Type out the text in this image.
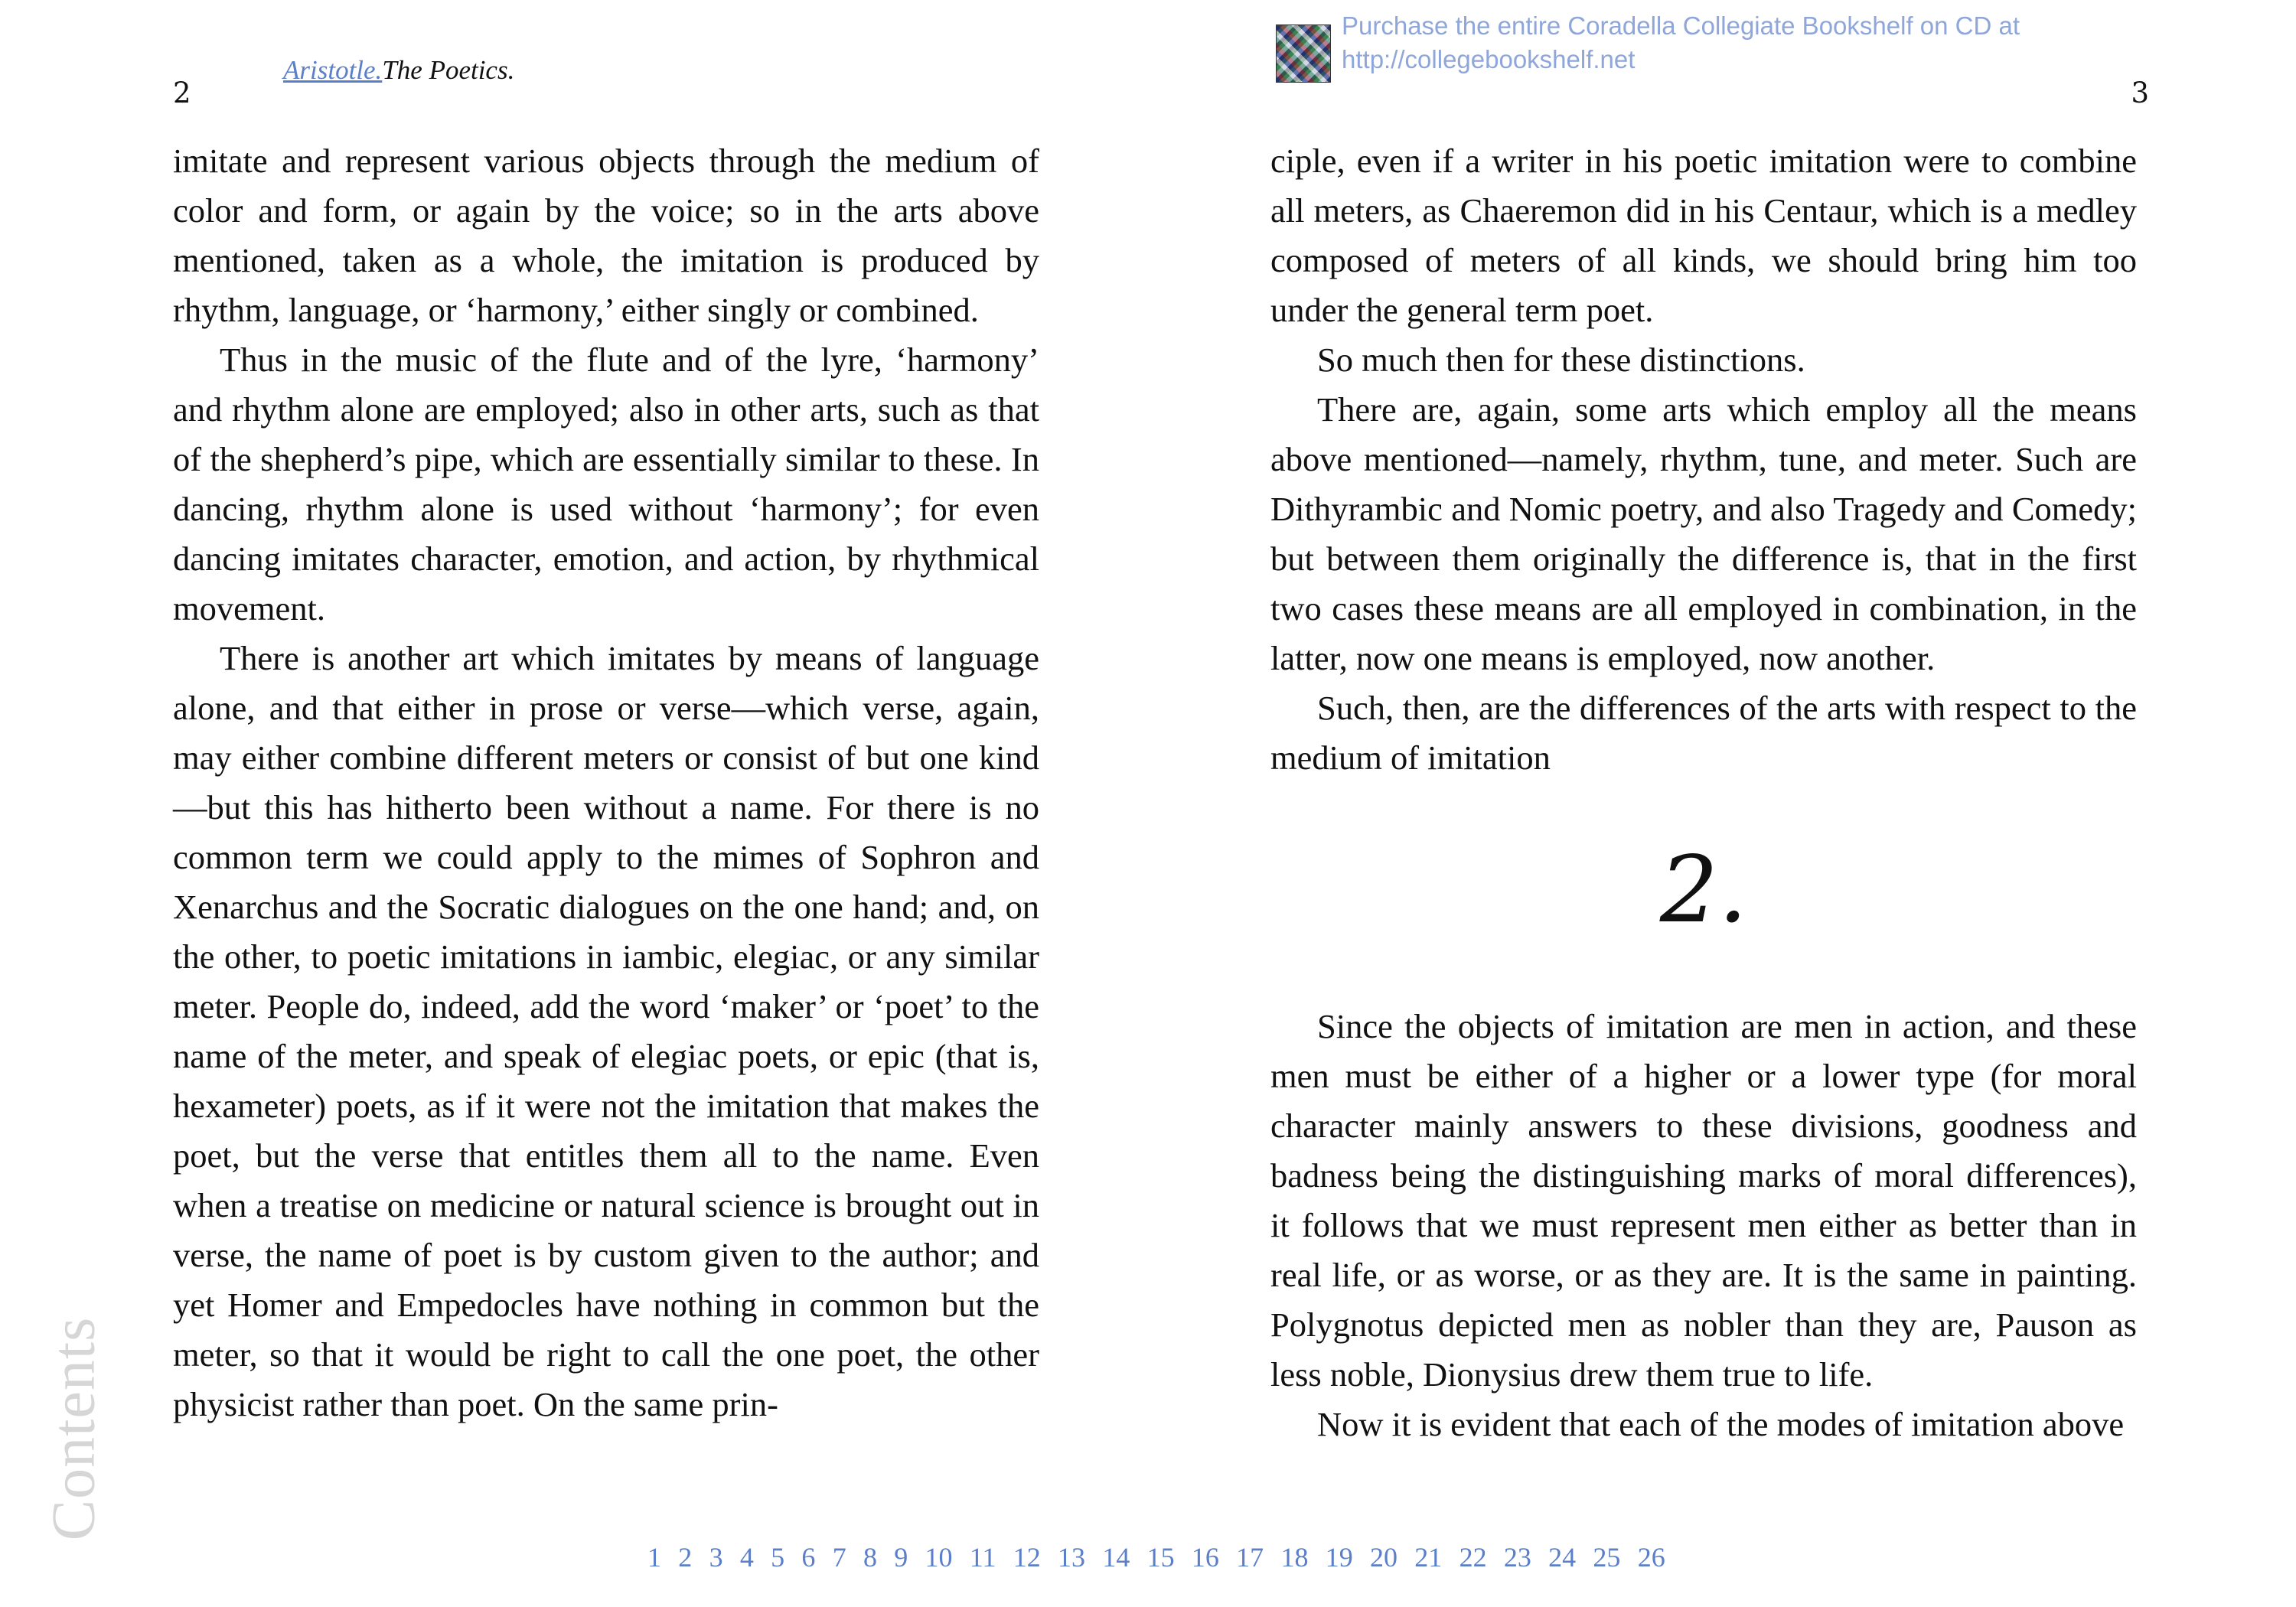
2	3
Aristotle.The Poetics.
Purchase the entire Coradella Collegiate Bookshelf on CD at
http://collegebookshelf.net

imitate and represent various objects through the medium of color and form, or again by the voice; so in the arts above mentioned, taken as a whole, the imitation is produced by rhythm, language, or ‘harmony,’ either singly or combined.

Thus in the music of the flute and of the lyre, ‘harmony’ and rhythm alone are employed; also in other arts, such as that of the shepherd’s pipe, which are essentially similar to these. In dancing, rhythm alone is used without ‘harmony’; for even dancing imitates character, emotion, and action, by rhythmical movement.

There is another art which imitates by means of language alone, and that either in prose or verse—which verse, again, may either combine different meters or consist of but one kind—but this has hitherto been without a name. For there is no common term we could apply to the mimes of Sophron and Xenarchus and the Socratic dialogues on the one hand; and, on the other, to poetic imitations in iambic, elegiac, or any similar meter. People do, indeed, add the word ‘maker’ or ‘poet’ to the name of the meter, and speak of elegiac poets, or epic (that is, hexameter) poets, as if it were not the imitation that makes the poet, but the verse that entitles them all to the name. Even when a treatise on medicine or natural science is brought out in verse, the name of poet is by custom given to the author; and yet Homer and Empedocles have nothing in common but the meter, so that it would be right to call the one poet, the other physicist rather than poet. On the same prin-

ciple, even if a writer in his poetic imitation were to combine all meters, as Chaeremon did in his Centaur, which is a medley composed of meters of all kinds, we should bring him too under the general term poet.

So much then for these distinctions.

There are, again, some arts which employ all the means above mentioned—namely, rhythm, tune, and meter. Such are Dithyrambic and Nomic poetry, and also Tragedy and Comedy; but between them originally the difference is, that in the first two cases these means are all employed in combination, in the latter, now one means is employed, now another.

Such, then, are the differences of the arts with respect to the medium of imitation

2.

Since the objects of imitation are men in action, and these men must be either of a higher or a lower type (for moral character mainly answers to these divisions, goodness and badness being the distinguishing marks of moral differences), it follows that we must represent men either as better than in real life, or as worse, or as they are. It is the same in painting. Polygnotus depicted men as nobler than they are, Pauson as less noble, Dionysius drew them true to life.

Now it is evident that each of the modes of imitation above

Contents
1 2 3 4 5 6 7 8 9 10 11 12 13 14 15 16 17 18 19 20 21 22 23 24 25 26
